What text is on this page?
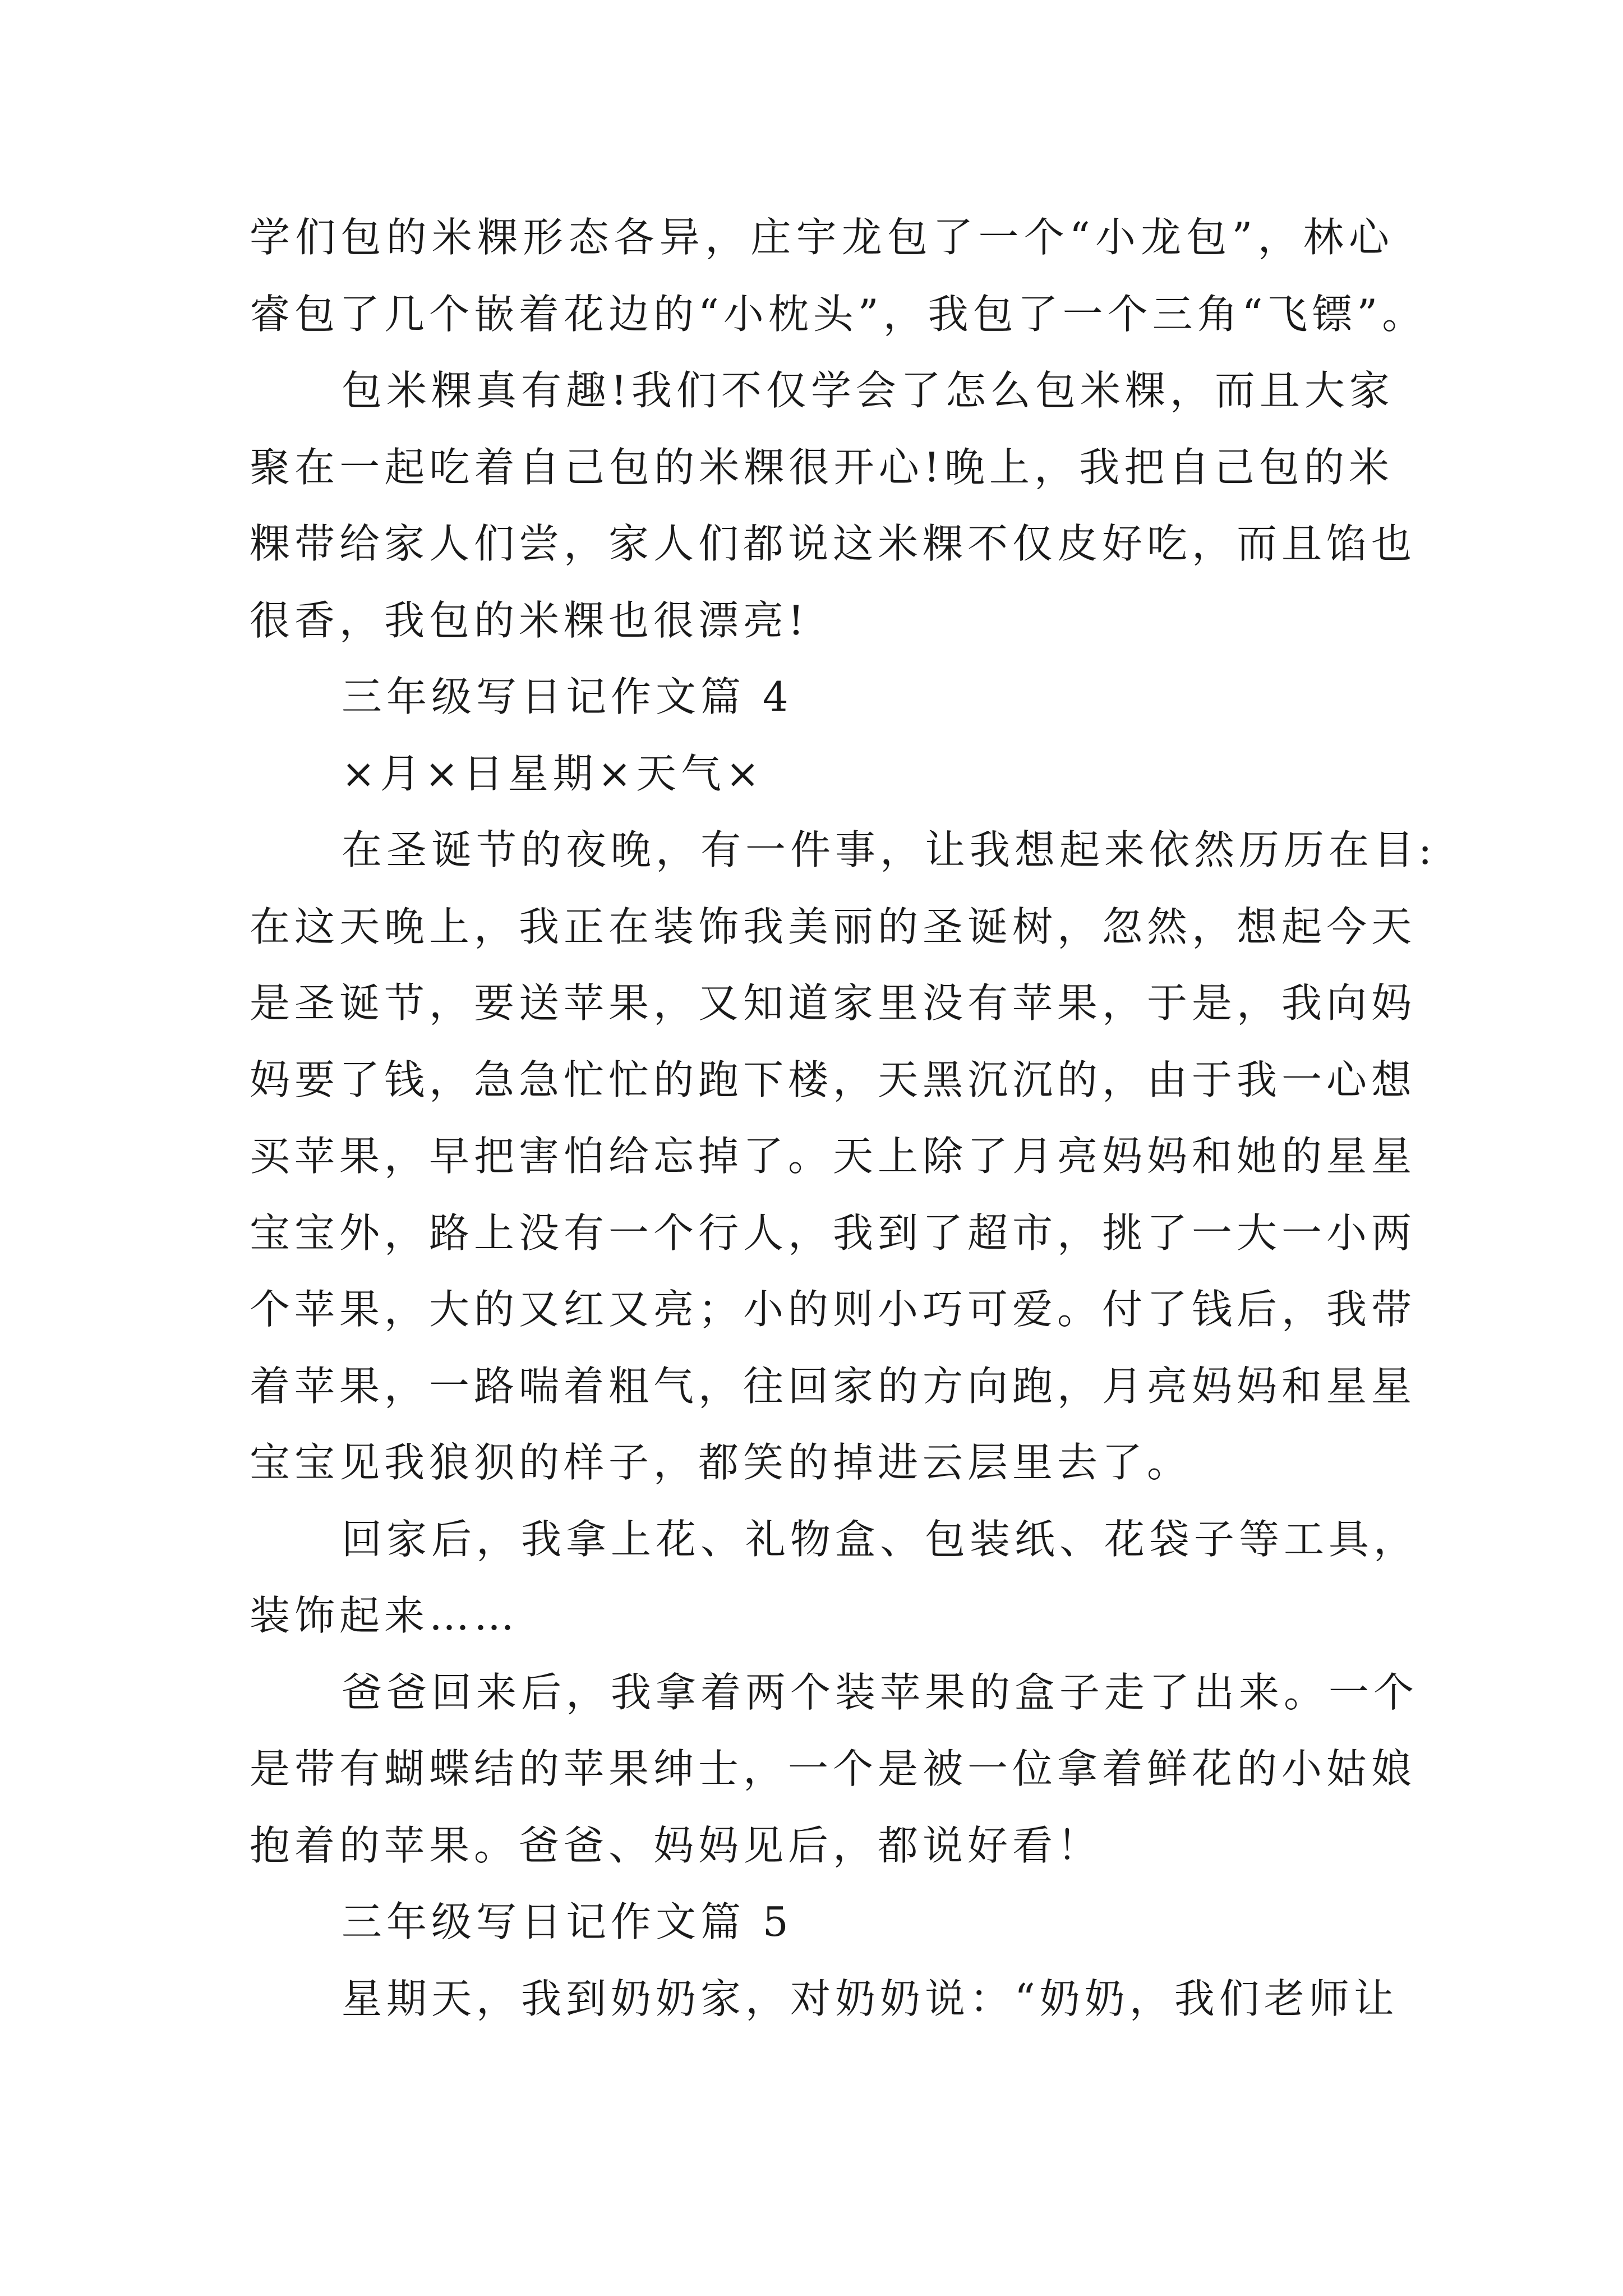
学们包的米粿形态各异，庄宇龙包了一个“小龙包”，林心
睿包了几个嵌着花边的“小枕头”，我包了一个三角“飞镖”。
包米粿真有趣!我们不仅学会了怎么包米粿，而且大家
聚在一起吃着自己包的米粿很开心!晚上，我把自己包的米
粿带给家人们尝，家人们都说这米粿不仅皮好吃，而且馅也
很香，我包的米粿也很漂亮!
三年级写日记作文篇 4
×月×日星期×天气×
在圣诞节的夜晚，有一件事，让我想起来依然历历在目:
在这天晚上，我正在装饰我美丽的圣诞树，忽然，想起今天
是圣诞节，要送苹果，又知道家里没有苹果，于是，我向妈
妈要了钱，急急忙忙的跑下楼，天黑沉沉的，由于我一心想
买苹果，早把害怕给忘掉了。天上除了月亮妈妈和她的星星
宝宝外，路上没有一个行人，我到了超市，挑了一大一小两
个苹果，大的又红又亮；小的则小巧可爱。付了钱后，我带
着苹果，一路喘着粗气，往回家的方向跑，月亮妈妈和星星
宝宝见我狼狈的样子，都笑的掉进云层里去了。
回家后，我拿上花、礼物盒、包装纸、花袋子等工具，
装饰起来……
爸爸回来后，我拿着两个装苹果的盒子走了出来。一个
是带有蝴蝶结的苹果绅士，一个是被一位拿着鲜花的小姑娘
抱着的苹果。爸爸、妈妈见后，都说好看！
三年级写日记作文篇 5
星期天，我到奶奶家，对奶奶说：“奶奶，我们老师让
